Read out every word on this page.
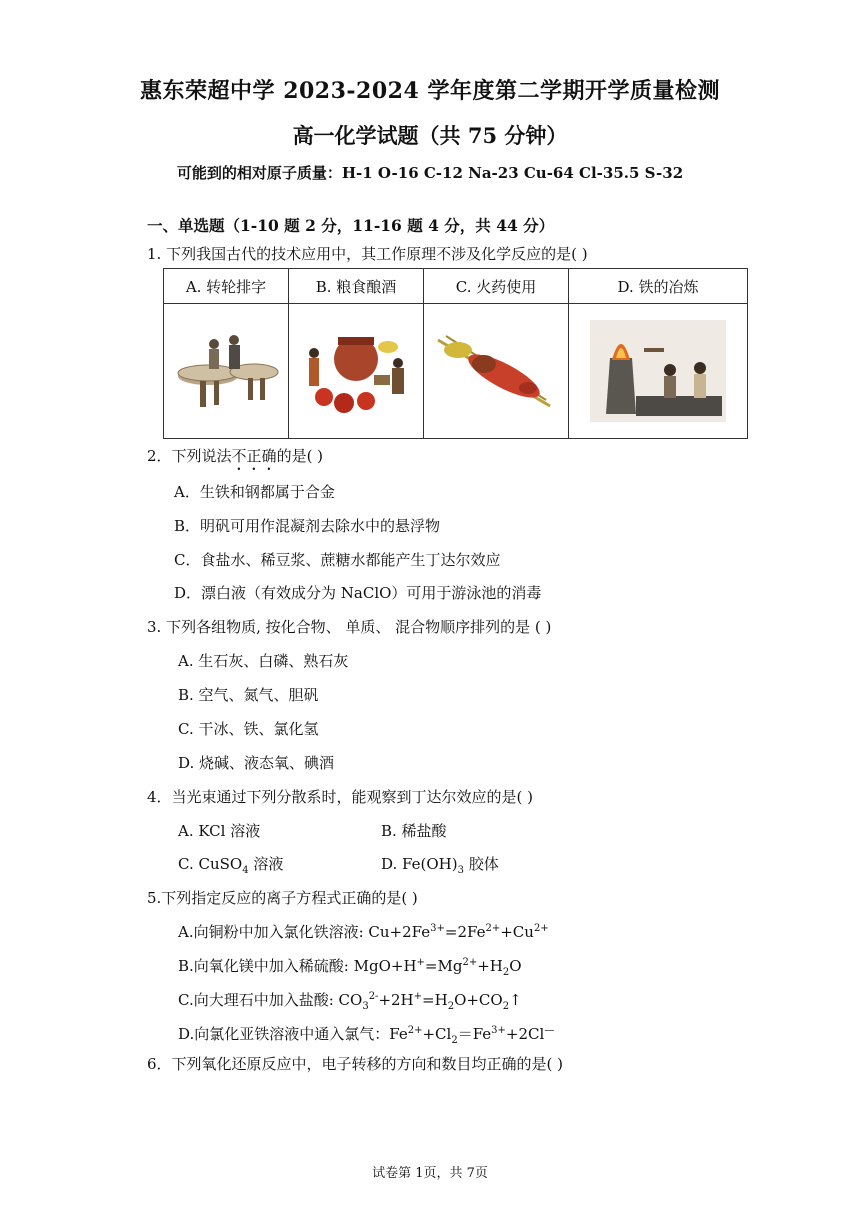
惠东荣超中学 2023-2024 学年度第二学期开学质量检测
高一化学试题（共 75 分钟）
可能到的相对原子质量：H-1 O-16 C-12 Na-23 Cu-64 Cl-35.5 S-32
一、单选题（1-10 题 2 分，11-16 题 4 分，共 44 分）
1. 下列我国古代的技术应用中，其工作原理不涉及化学反应的是( )
A. 转轮排字	B. 粮食酿酒	C. 火药使用	D. 铁的冶炼

2．下列说法不正确的是( )
A．生铁和钢都属于合金
B．明矾可用作混凝剂去除水中的悬浮物
C．食盐水、稀豆浆、蔗糖水都能产生丁达尔效应
D．漂白液（有效成分为 NaClO）可用于游泳池的消毒
3. 下列各组物质, 按化合物、 单质、 混合物顺序排列的是 ( )
A. 生石灰、白磷、熟石灰
B. 空气、氮气、胆矾
C. 干冰、铁、氯化氢
D. 烧碱、液态氧、碘酒
4．当光束通过下列分散系时，能观察到丁达尔效应的是( )
A. KCl 溶液	B. 稀盐酸
C. CuSO$_4$ 溶液	D. $Fe(OH)_3$ 胶体
5.下列指定反应的离子方程式正确的是( )
A.向铜粉中加入氯化铁溶液: $Cu+2Fe^{3+}=2Fe^{2+}+Cu^{2+}$
B.向氧化镁中加入稀硫酸: $MgO+H^+=Mg^{2+}+H_2O$
C.向大理石中加入盐酸: $CO_3^{2-}+2H^+=H_2O+CO_2↑$
D.向氯化亚铁溶液中通入氯气：$Fe^{2+}+Cl_2=Fe^{3+}+2Cl^—$
6．下列氧化还原反应中，电子转移的方向和数目均正确的是( )
试卷第 1页，共 7页
